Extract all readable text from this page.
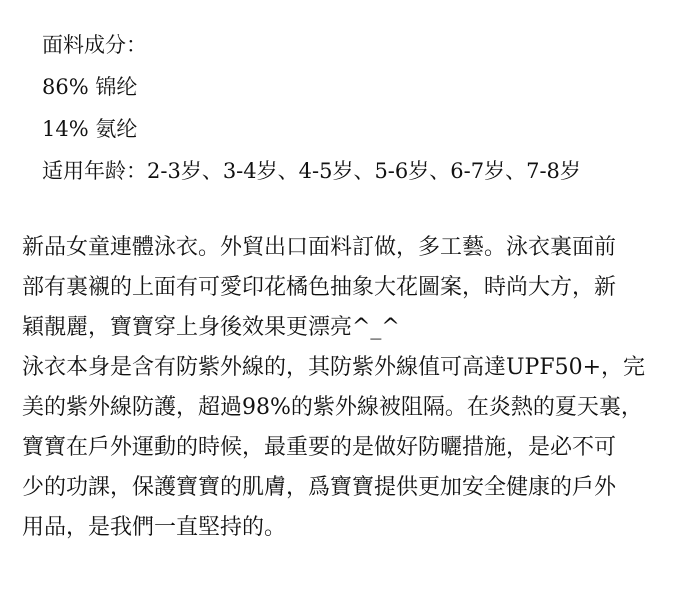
面料成分：
86% 锦纶
14% 氨纶
适用年龄：2-3岁、3-4岁、4-5岁、5-6岁、6-7岁、7-8岁
新品女童連體泳衣。外貿出口面料訂做，多工藝。泳衣裏面前
部有裏襯的上面有可愛印花橘色抽象大花圖案，時尚大方，新
穎靚麗，寶寶穿上身後效果更漂亮^_^
泳衣本身是含有防紫外線的，其防紫外線值可高達UPF50+，完
美的紫外線防護，超過98%的紫外線被阻隔。在炎熱的夏天裏，
寶寶在戶外運動的時候，最重要的是做好防曬措施，是必不可
少的功課，保護寶寶的肌膚，爲寶寶提供更加安全健康的戶外
用品，是我們一直堅持的。
